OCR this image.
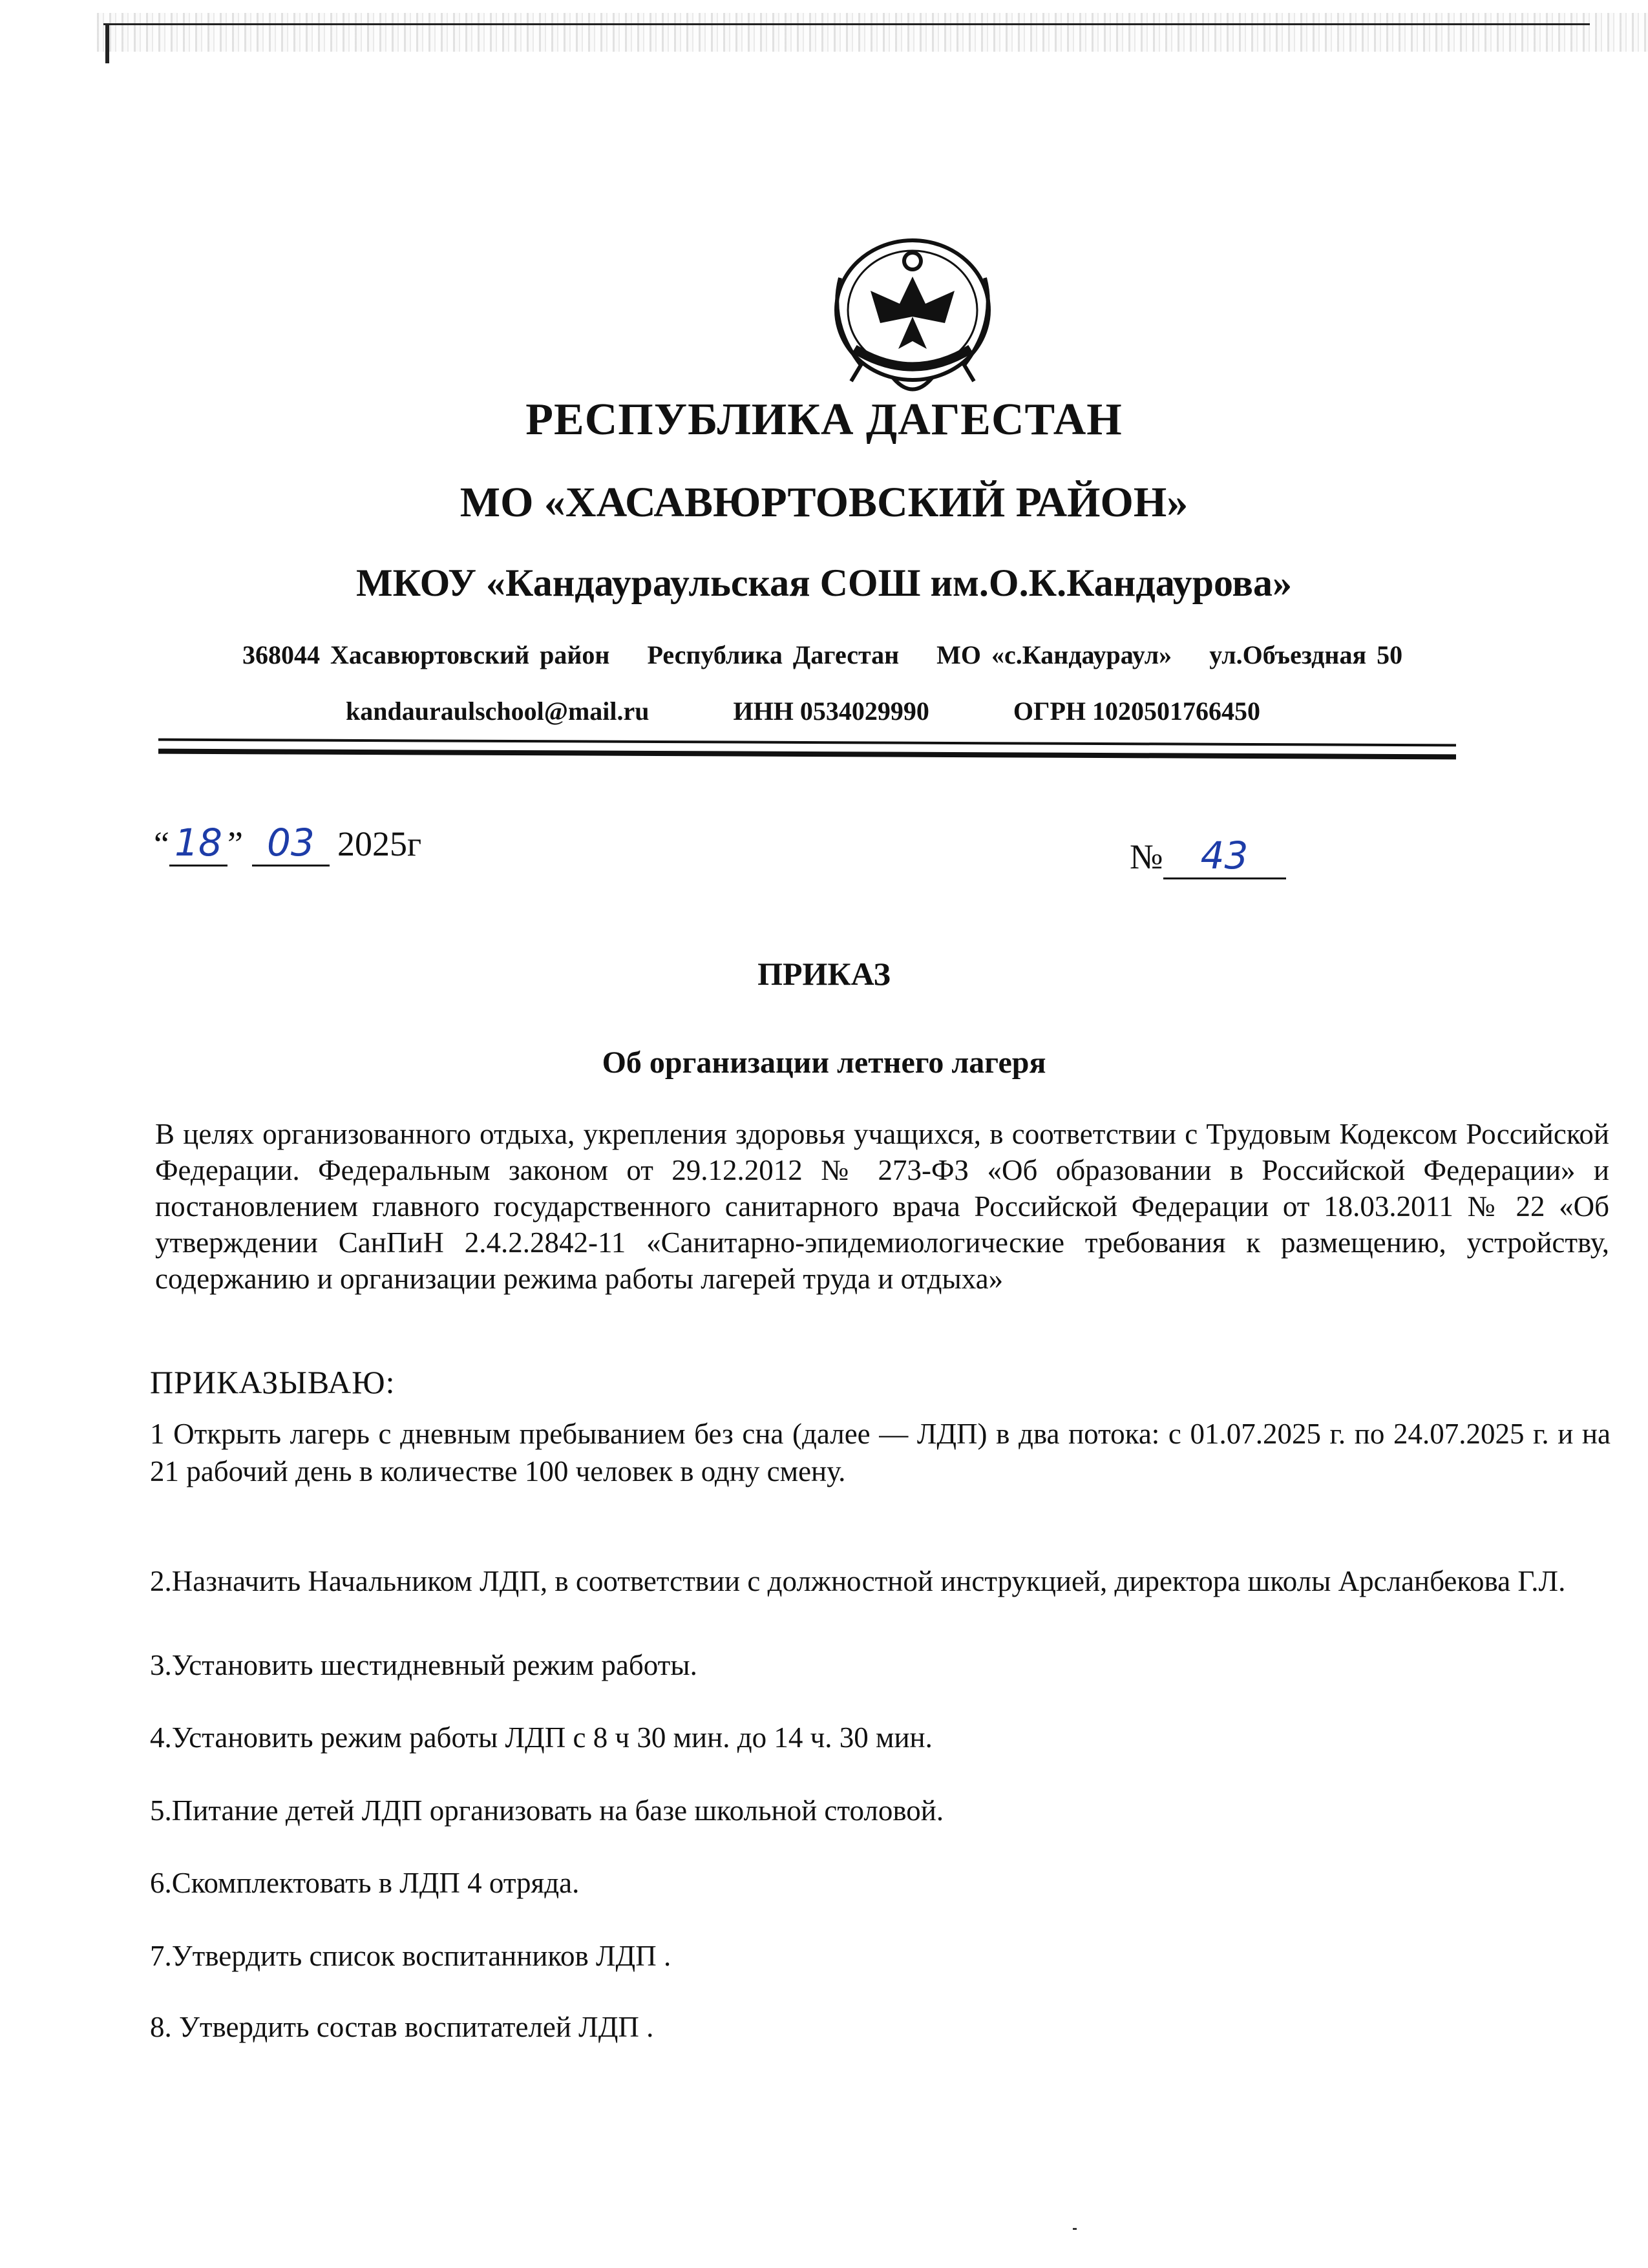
РЕСПУБЛИКА ДАГЕСТАН
МО «ХАСАВЮРТОВСКИЙ РАЙОН»
МКОУ «Кандаураульская СОШ им.О.К.Кандаурова»
368044 Хасавюртовский район Республика Дагестан МО «с.Кандаураул» ул.Объездная 50
kandauraulschool@mail.ru	ИНН 0534029990	ОГРН 1020501766450
“ 18 ” 03 2025г	№ 43
ПРИКАЗ
Об организации летнего лагеря
В целях организованного отдыха, укрепления здоровья учащихся, в соответствии с Трудовым Кодексом Российской Федерации. Федеральным законом от 29.12.2012 № 273-ФЗ «Об образовании в Российской Федерации» и постановлением главного государственного санитарного врача Российской Федерации от 18.03.2011 № 22 «Об утверждении СанПиН 2.4.2.2842-11 «Санитарно-эпидемиологические требования к размещению, устройству, содержанию и организации режима работы лагерей труда и отдыха»
ПРИКАЗЫВАЮ:
1 Открыть лагерь с дневным пребыванием без сна (далее — ЛДП) в два потока: с 01.07.2025 г. по 24.07.2025 г. и на 21 рабочий день в количестве 100 человек в одну смену.
2.Назначить Начальником ЛДП, в соответствии с должностной инструкцией, директора школы Арсланбекова Г.Л.
3.Установить шестидневный режим работы.
4.Установить режим работы ЛДП с 8 ч 30 мин. до 14 ч. 30 мин.
5.Питание детей ЛДП организовать на базе школьной столовой.
6.Скомплектовать в ЛДП 4 отряда.
7.Утвердить список воспитанников ЛДП .
8. Утвердить состав воспитателей ЛДП .
